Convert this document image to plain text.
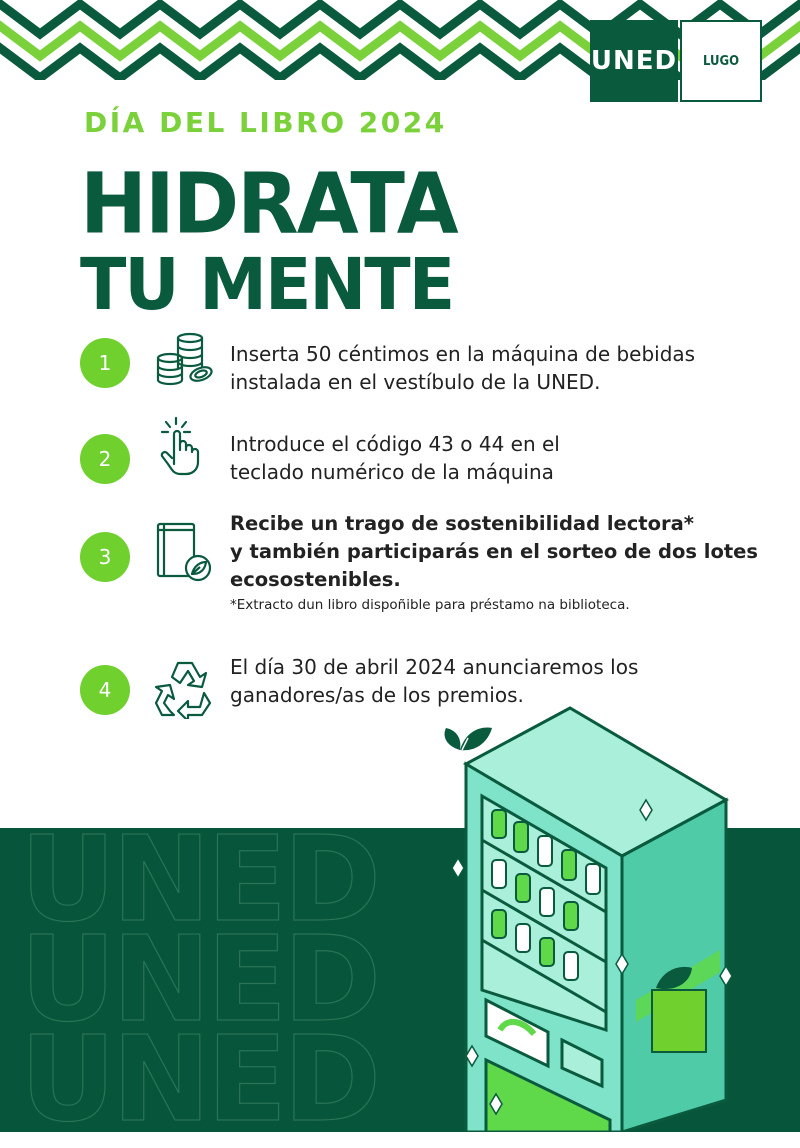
UNED	LUGO
DÍA DEL LIBRO 2024
HIDRATA
TU MENTE
1	Inserta 50 céntimos en la máquina de bebidas
instalada en el vestíbulo de la UNED.
2
Introduce el código 43 o 44 en el
teclado numérico de la máquina
3
Recibe un trago de sostenibilidad lectora*
y también participarás en el sorteo de dos lotes
ecosostenibles.
*Extracto dun libro dispoñible para préstamo na biblioteca.
4
El día 30 de abril 2024 anunciaremos los
ganadores/as de los premios.
UNED
UNED
UNED
